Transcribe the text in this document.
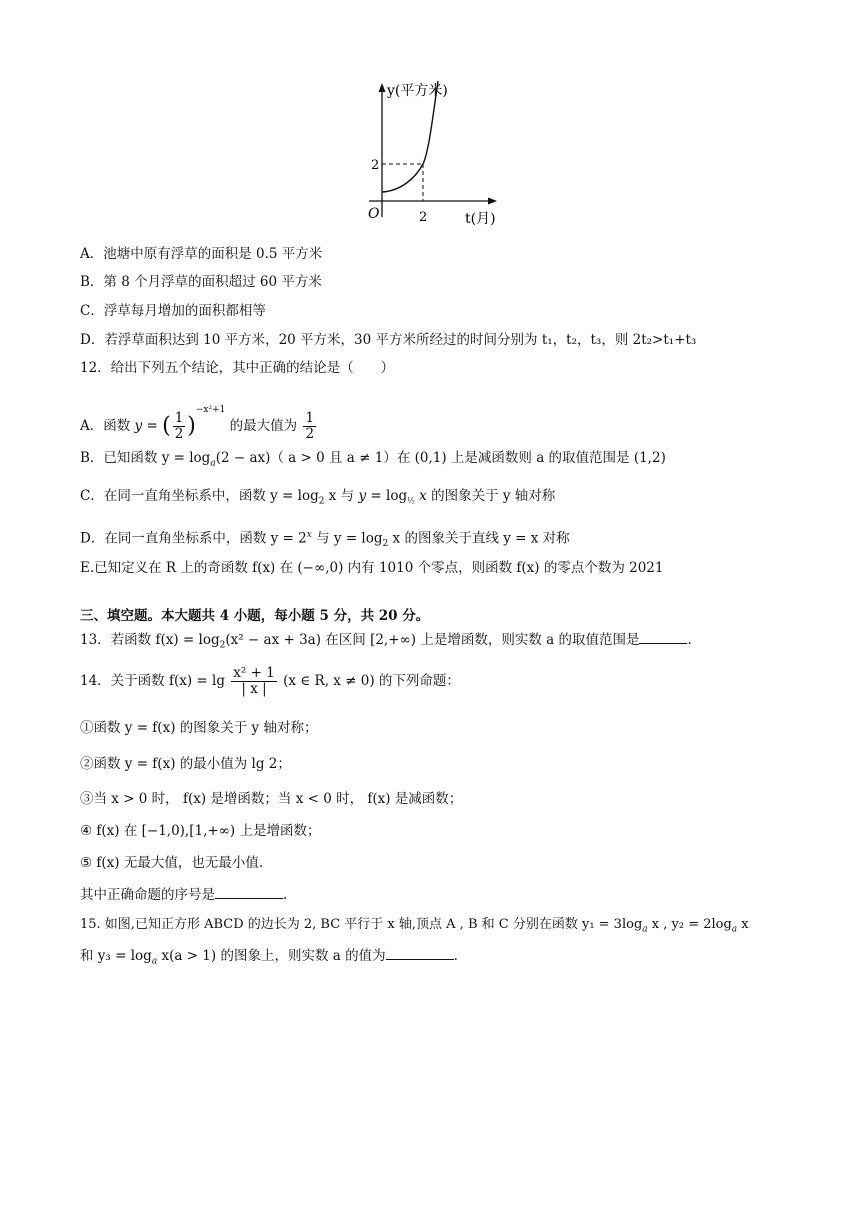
y(平方米)
O
2
2	t(月)
A．池塘中原有浮草的面积是 0.5 平方米
B．第 8 个月浮草的面积超过 60 平方米
C．浮草每月增加的面积都相等
D．若浮草面积达到 10 平方米，20 平方米，30 平方米所经过的时间分别为 t₁，t₂，t₃，则 2t₂>t₁+t₃
12．给出下列五个结论，其中正确的结论是（　　）
A．函数 y = ( $\frac{1}{2} )^{-x^2+1}$ 的最大值为 $\frac{1}{2}$
B．已知函数 $y = \log_a(2 - ax)$（ a > 0 且 a ≠ 1）在 (0,1) 上是减函数则 a 的取值范围是 (1,2)
C．在同一直角坐标系中，函数 $y = \log_2 x$ 与 $y = \log_{\frac{1}{2}} x$ 的图象关于 y 轴对称
D．在同一直角坐标系中，函数 $y = 2^x$ 与 $y = \log_2 x$ 的图象关于直线 y = x 对称
E.已知定义在 R 上的奇函数 f(x) 在 (−∞,0) 内有 1010 个零点，则函数 f(x) 的零点个数为 2021
三、填空题。本大题共 4 小题，每小题 5 分，共 20 分。
13．若函数 $f(x) = \log_2(x^2$ − ax + 3a) 在区间 [2,+∞) 上是增函数，则实数 a 的取值范围是	.
14．关于函数 $f(x) = \lg \frac{\text{x² + 1}}{| x |} (x$ ∈ R, x ≠ 0) 的下列命题：
①函数 y = f(x) 的图象关于 y 轴对称；
②函数 y = f(x) 的最小值为 lg 2；
③当 x > 0 时， f(x) 是增函数；当 x < 0 时， f(x) 是减函数；
④ f(x) 在 [−1,0),[1,+∞) 上是增函数；
⑤ f(x) 无最大值，也无最小值.
其中正确命题的序号是	.
15. 如图,已知正方形 ABCD 的边长为 2, BC 平行于 x 轴,顶点 A , B 和 C 分别在函数 $y_1 = 3\log_a$ x , $y_2 = 2\log_a$ x
和 $y_3 = \log_a x(a > 1)$ 的图象上，则实数 a 的值为	.
